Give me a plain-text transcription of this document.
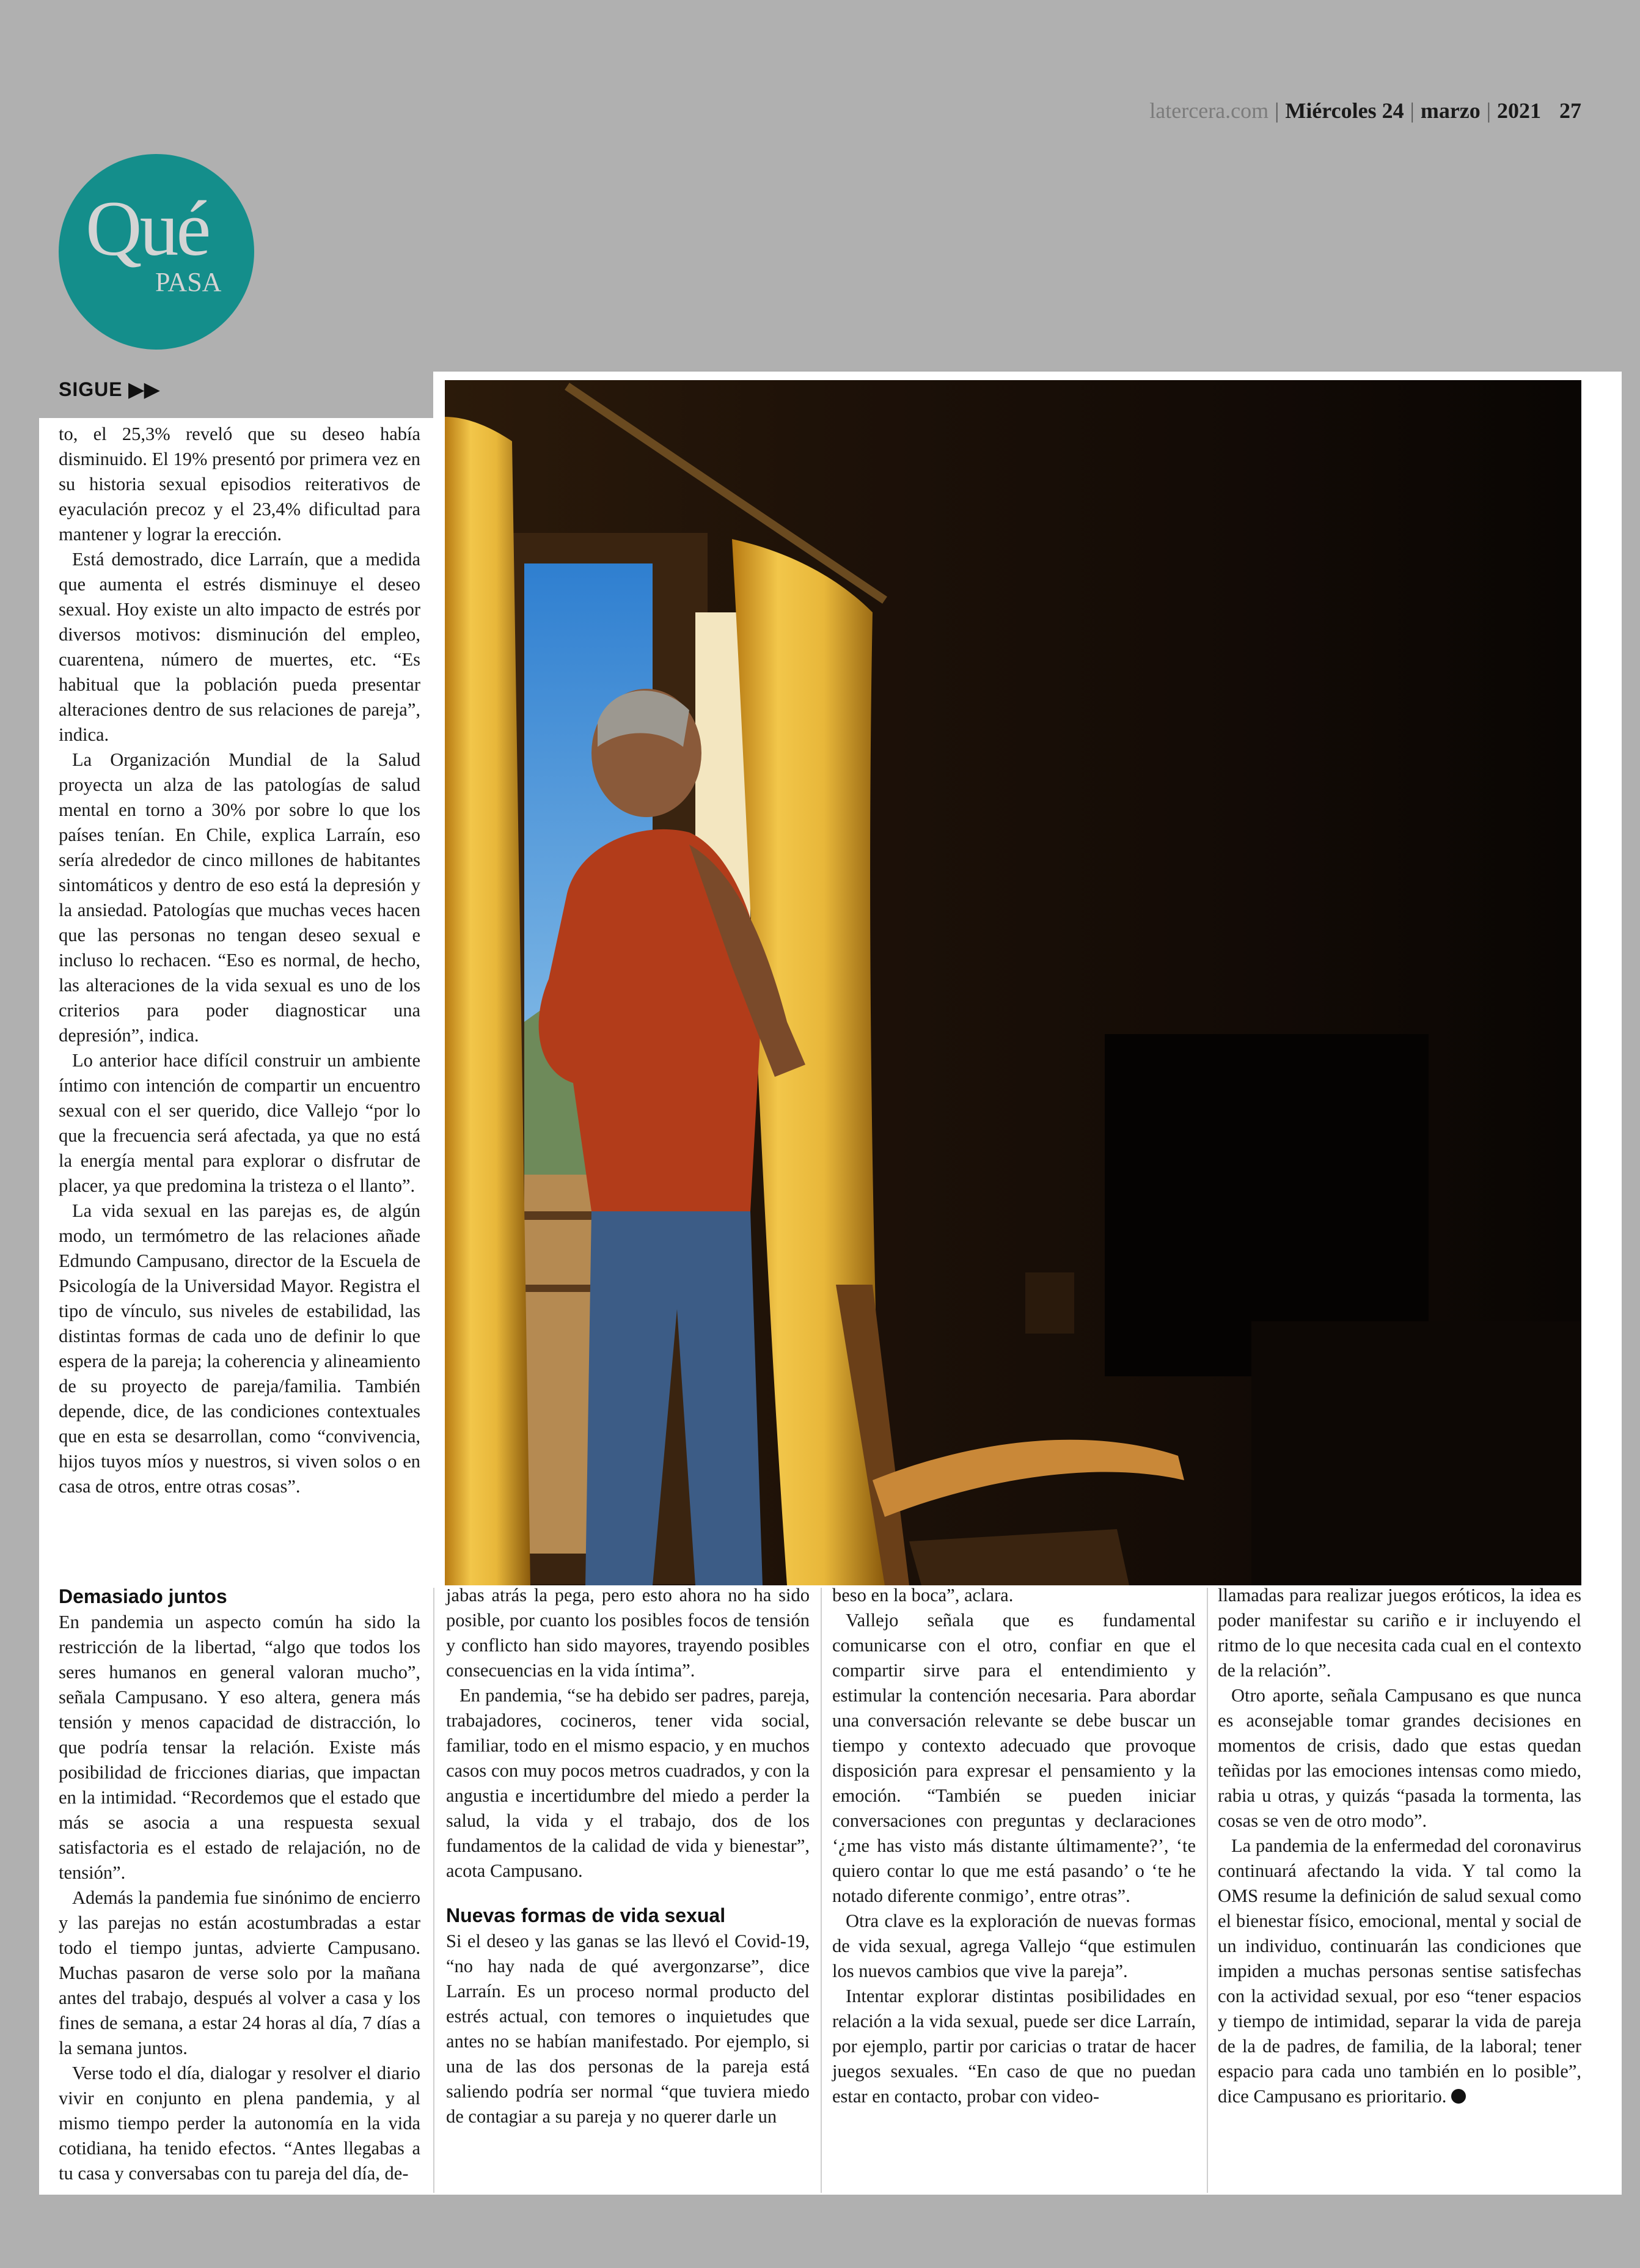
latercera.com | Miércoles 24 | marzo | 2021 27
Qué
PASA
SIGUE ▶▶

to, el 25,3% reveló que su deseo había disminuido. El 19% presentó por primera vez en su historia sexual episodios reiterativos de eyaculación precoz y el 23,4% dificultad para mantener y lograr la erección.

Está demostrado, dice Larraín, que a medida que aumenta el estrés disminuye el deseo sexual. Hoy existe un alto impacto de estrés por diversos motivos: disminución del empleo, cuarentena, número de muertes, etc. “Es habitual que la población pueda presentar alteraciones dentro de sus relaciones de pareja”, indica.

La Organización Mundial de la Salud proyecta un alza de las patologías de salud mental en torno a 30% por sobre lo que los países tenían. En Chile, explica Larraín, eso sería alrededor de cinco millones de habitantes sintomáticos y dentro de eso está la depresión y la ansiedad. Patologías que muchas veces hacen que las personas no tengan deseo sexual e incluso lo rechacen. “Eso es normal, de hecho, las alteraciones de la vida sexual es uno de los criterios para poder diagnosticar una depresión”, indica.

Lo anterior hace difícil construir un ambiente íntimo con intención de compartir un encuentro sexual con el ser querido, dice Vallejo “por lo que la frecuencia será afectada, ya que no está la energía mental para explorar o disfrutar de placer, ya que predomina la tristeza o el llanto”.

La vida sexual en las parejas es, de algún modo, un termómetro de las relaciones añade Edmundo Campusano, director de la Escuela de Psicología de la Universidad Mayor. Registra el tipo de vínculo, sus niveles de estabilidad, las distintas formas de cada uno de definir lo que espera de la pareja; la coherencia y alineamiento de su proyecto de pareja/familia. También depende, dice, de las condiciones contextuales que en esta se desarrollan, como “convivencia, hijos tuyos míos y nuestros, si viven solos o en casa de otros, entre otras cosas”.

Demasiado juntos

En pandemia un aspecto común ha sido la restricción de la libertad, “algo que todos los seres humanos en general valoran mucho”, señala Campusano. Y eso altera, genera más tensión y menos capacidad de distracción, lo que podría tensar la relación. Existe más posibilidad de fricciones diarias, que impactan en la intimidad. “Recordemos que el estado que más se asocia a una respuesta sexual satisfactoria es el estado de relajación, no de tensión”.

Además la pandemia fue sinónimo de encierro y las parejas no están acostumbradas a estar todo el tiempo juntas, advierte Campusano. Muchas pasaron de verse solo por la mañana antes del trabajo, después al volver a casa y los fines de semana, a estar 24 horas al día, 7 días a la semana juntos.

Verse todo el día, dialogar y resolver el diario vivir en conjunto en plena pandemia, y al mismo tiempo perder la autonomía en la vida cotidiana, ha tenido efectos. “Antes llegabas a tu casa y conversabas con tu pareja del día, de-

jabas atrás la pega, pero esto ahora no ha sido posible, por cuanto los posibles focos de tensión y conflicto han sido mayores, trayendo posibles consecuencias en la vida íntima”.

En pandemia, “se ha debido ser padres, pareja, trabajadores, cocineros, tener vida social, familiar, todo en el mismo espacio, y en muchos casos con muy pocos metros cuadrados, y con la angustia e incertidumbre del miedo a perder la salud, la vida y el trabajo, dos de los fundamentos de la calidad de vida y bienestar”, acota Campusano.

Nuevas formas de vida sexual

Si el deseo y las ganas se las llevó el Covid-19, “no hay nada de qué avergonzarse”, dice Larraín. Es un proceso normal producto del estrés actual, con temores o inquietudes que antes no se habían manifestado. Por ejemplo, si una de las dos personas de la pareja está saliendo podría ser normal “que tuviera miedo de contagiar a su pareja y no querer darle un

beso en la boca”, aclara.

Vallejo señala que es fundamental comunicarse con el otro, confiar en que el compartir sirve para el entendimiento y estimular la contención necesaria. Para abordar una conversación relevante se debe buscar un tiempo y contexto adecuado que provoque disposición para expresar el pensamiento y la emoción. “También se pueden iniciar conversaciones con preguntas y declaraciones ‘¿me has visto más distante últimamente?’, ‘te quiero contar lo que me está pasando’ o ‘te he notado diferente conmigo’, entre otras”.

Otra clave es la exploración de nuevas formas de vida sexual, agrega Vallejo “que estimulen los nuevos cambios que vive la pareja”.

Intentar explorar distintas posibilidades en relación a la vida sexual, puede ser dice Larraín, por ejemplo, partir por caricias o tratar de hacer juegos sexuales. “En caso de que no puedan estar en contacto, probar con video-

llamadas para realizar juegos eróticos, la idea es poder manifestar su cariño e ir incluyendo el ritmo de lo que necesita cada cual en el contexto de la relación”.

Otro aporte, señala Campusano es que nunca es aconsejable tomar grandes decisiones en momentos de crisis, dado que estas quedan teñidas por las emociones intensas como miedo, rabia u otras, y quizás “pasada la tormenta, las cosas se ven de otro modo”.

La pandemia de la enfermedad del coronavirus continuará afectando la vida. Y tal como la OMS resume la definición de salud sexual como el bienestar físico, emocional, mental y social de un individuo, continuarán las condiciones que impiden a muchas personas sentise satisfechas con la actividad sexual, por eso “tener espacios y tiempo de intimidad, separar la vida de pareja de la de padres, de familia, de la laboral; tener espacio para cada uno también en lo posible”, dice Campusano es prioritario.
